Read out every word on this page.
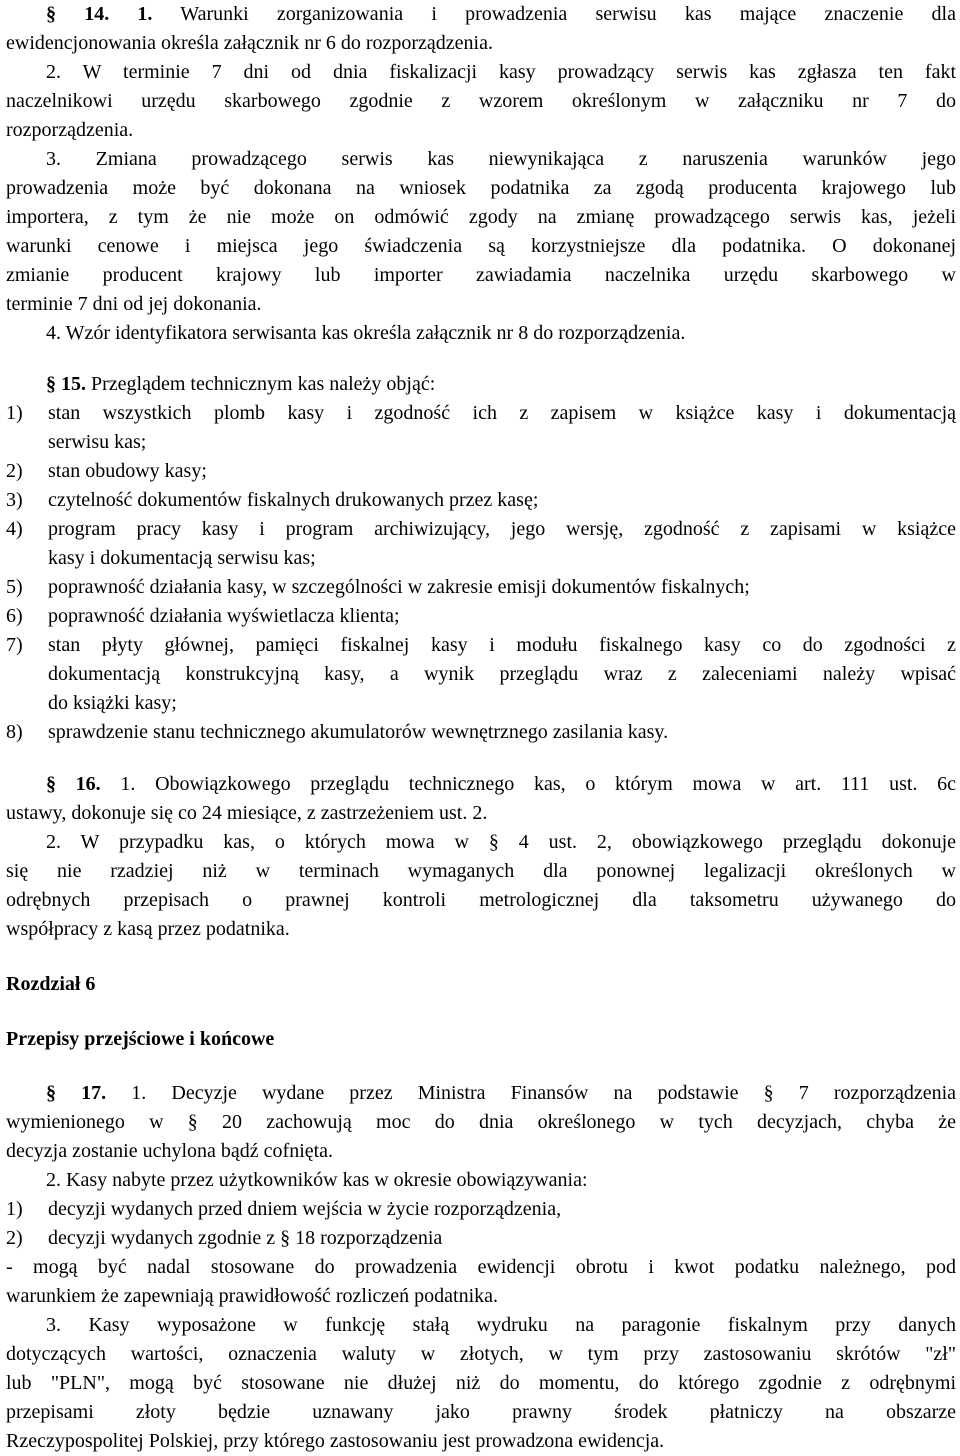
§ 14. 1. Warunki zorganizowania i prowadzenia serwisu kas mające znaczenie dla
ewidencjonowania określa załącznik nr 6 do rozporządzenia.
2. W terminie 7 dni od dnia fiskalizacji kasy prowadzący serwis kas zgłasza ten fakt
naczelnikowi urzędu skarbowego zgodnie z wzorem określonym w załączniku nr 7 do
rozporządzenia.
3. Zmiana prowadzącego serwis kas niewynikająca z naruszenia warunków jego
prowadzenia może być dokonana na wniosek podatnika za zgodą producenta krajowego lub
importera, z tym że nie może on odmówić zgody na zmianę prowadzącego serwis kas, jeżeli
warunki cenowe i miejsca jego świadczenia są korzystniejsze dla podatnika. O dokonanej
zmianie producent krajowy lub importer zawiadamia naczelnika urzędu skarbowego w
terminie 7 dni od jej dokonania.
4. Wzór identyfikatora serwisanta kas określa załącznik nr 8 do rozporządzenia.
§ 15. Przeglądem technicznym kas należy objąć:
1) stan wszystkich plomb kasy i zgodność ich z zapisem w książce kasy i dokumentacją
serwisu kas;
2) stan obudowy kasy;
3) czytelność dokumentów fiskalnych drukowanych przez kasę;
4) program pracy kasy i program archiwizujący, jego wersję, zgodność z zapisami w książce
kasy i dokumentacją serwisu kas;
5) poprawność działania kasy, w szczególności w zakresie emisji dokumentów fiskalnych;
6) poprawność działania wyświetlacza klienta;
7) stan płyty głównej, pamięci fiskalnej kasy i modułu fiskalnego kasy co do zgodności z
dokumentacją konstrukcyjną kasy, a wynik przeglądu wraz z zaleceniami należy wpisać
do książki kasy;
8) sprawdzenie stanu technicznego akumulatorów wewnętrznego zasilania kasy.
§ 16. 1. Obowiązkowego przeglądu technicznego kas, o którym mowa w art. 111 ust. 6c
ustawy, dokonuje się co 24 miesiące, z zastrzeżeniem ust. 2.
2. W przypadku kas, o których mowa w § 4 ust. 2, obowiązkowego przeglądu dokonuje
się nie rzadziej niż w terminach wymaganych dla ponownej legalizacji określonych w
odrębnych przepisach o prawnej kontroli metrologicznej dla taksometru używanego do
współpracy z kasą przez podatnika.
Rozdział 6
Przepisy przejściowe i końcowe
§ 17. 1. Decyzje wydane przez Ministra Finansów na podstawie § 7 rozporządzenia
wymienionego w § 20 zachowują moc do dnia określonego w tych decyzjach, chyba że
decyzja zostanie uchylona bądź cofnięta.
2. Kasy nabyte przez użytkowników kas w okresie obowiązywania:
1) decyzji wydanych przed dniem wejścia w życie rozporządzenia,
2) decyzji wydanych zgodnie z § 18 rozporządzenia
- mogą być nadal stosowane do prowadzenia ewidencji obrotu i kwot podatku należnego, pod
warunkiem że zapewniają prawidłowość rozliczeń podatnika.
3. Kasy wyposażone w funkcję stałą wydruku na paragonie fiskalnym przy danych
dotyczących wartości, oznaczenia waluty w złotych, w tym przy zastosowaniu skrótów "zł"
lub "PLN", mogą być stosowane nie dłużej niż do momentu, do którego zgodnie z odrębnymi
przepisami złoty będzie uznawany jako prawny środek płatniczy na obszarze
Rzeczypospolitej Polskiej, przy którego zastosowaniu jest prowadzona ewidencja.
